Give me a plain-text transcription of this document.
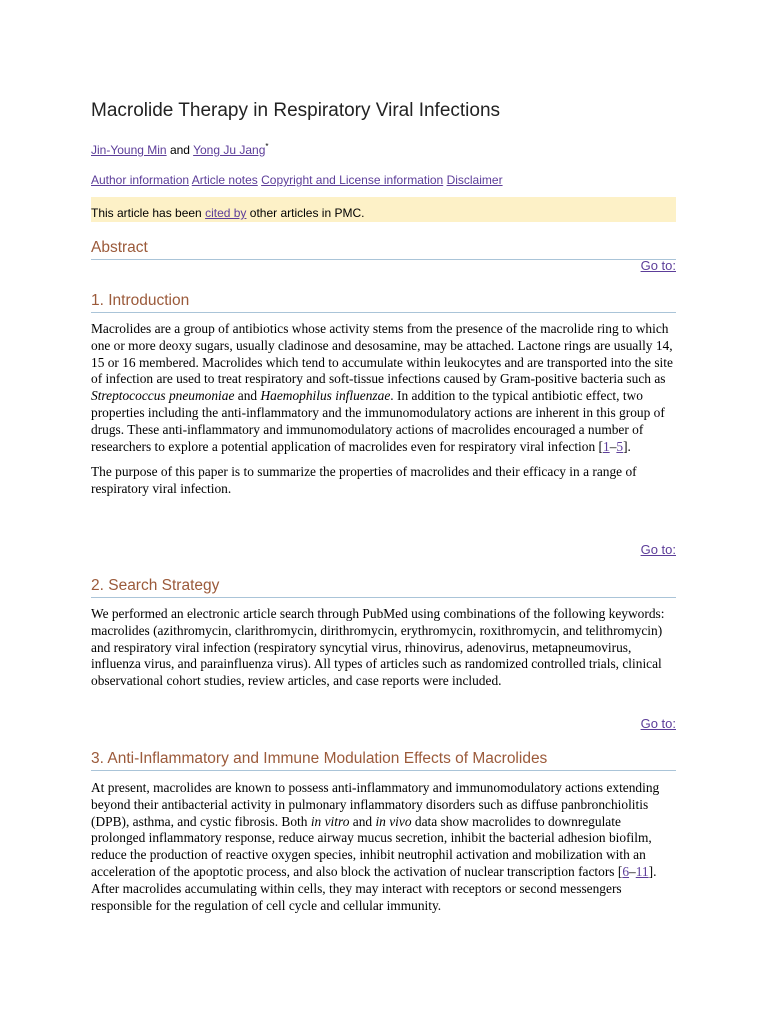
Macrolide Therapy in Respiratory Viral Infections
Jin-Young Min and Yong Ju Jang*
Author information Article notes Copyright and License information Disclaimer
This article has been cited by other articles in PMC.
Abstract
Go to:
1. Introduction

Macrolides are a group of antibiotics whose activity stems from the presence of the macrolide ring to which one or more deoxy sugars, usually cladinose and desosamine, may be attached. Lactone rings are usually 14, 15 or 16 membered. Macrolides which tend to accumulate within leukocytes and are transported into the site of infection are used to treat respiratory and soft-tissue infections caused by Gram-positive bacteria such as Streptococcus pneumoniae and Haemophilus influenzae. In addition to the typical antibiotic effect, two properties including the anti-inflammatory and the immunomodulatory actions are inherent in this group of drugs. These anti-inflammatory and immunomodulatory actions of macrolides encouraged a number of researchers to explore a potential application of macrolides even for respiratory viral infection [1–5].

The purpose of this paper is to summarize the properties of macrolides and their efficacy in a range of respiratory viral infection.

Go to:
2. Search Strategy

We performed an electronic article search through PubMed using combinations of the following keywords: macrolides (azithromycin, clarithromycin, dirithromycin, erythromycin, roxithromycin, and telithromycin) and respiratory viral infection (respiratory syncytial virus, rhinovirus, adenovirus, metapneumovirus, influenza virus, and parainfluenza virus). All types of articles such as randomized controlled trials, clinical observational cohort studies, review articles, and case reports were included.

Go to:
3. Anti-Inflammatory and Immune Modulation Effects of Macrolides

At present, macrolides are known to possess anti-inflammatory and immunomodulatory actions extending beyond their antibacterial activity in pulmonary inflammatory disorders such as diffuse panbronchiolitis (DPB), asthma, and cystic fibrosis. Both in vitro and in vivo data show macrolides to downregulate prolonged inflammatory response, reduce airway mucus secretion, inhibit the bacterial adhesion biofilm, reduce the production of reactive oxygen species, inhibit neutrophil activation and mobilization with an acceleration of the apoptotic process, and also block the activation of nuclear transcription factors [6–11]. After macrolides accumulating within cells, they may interact with receptors or second messengers responsible for the regulation of cell cycle and cellular immunity.
